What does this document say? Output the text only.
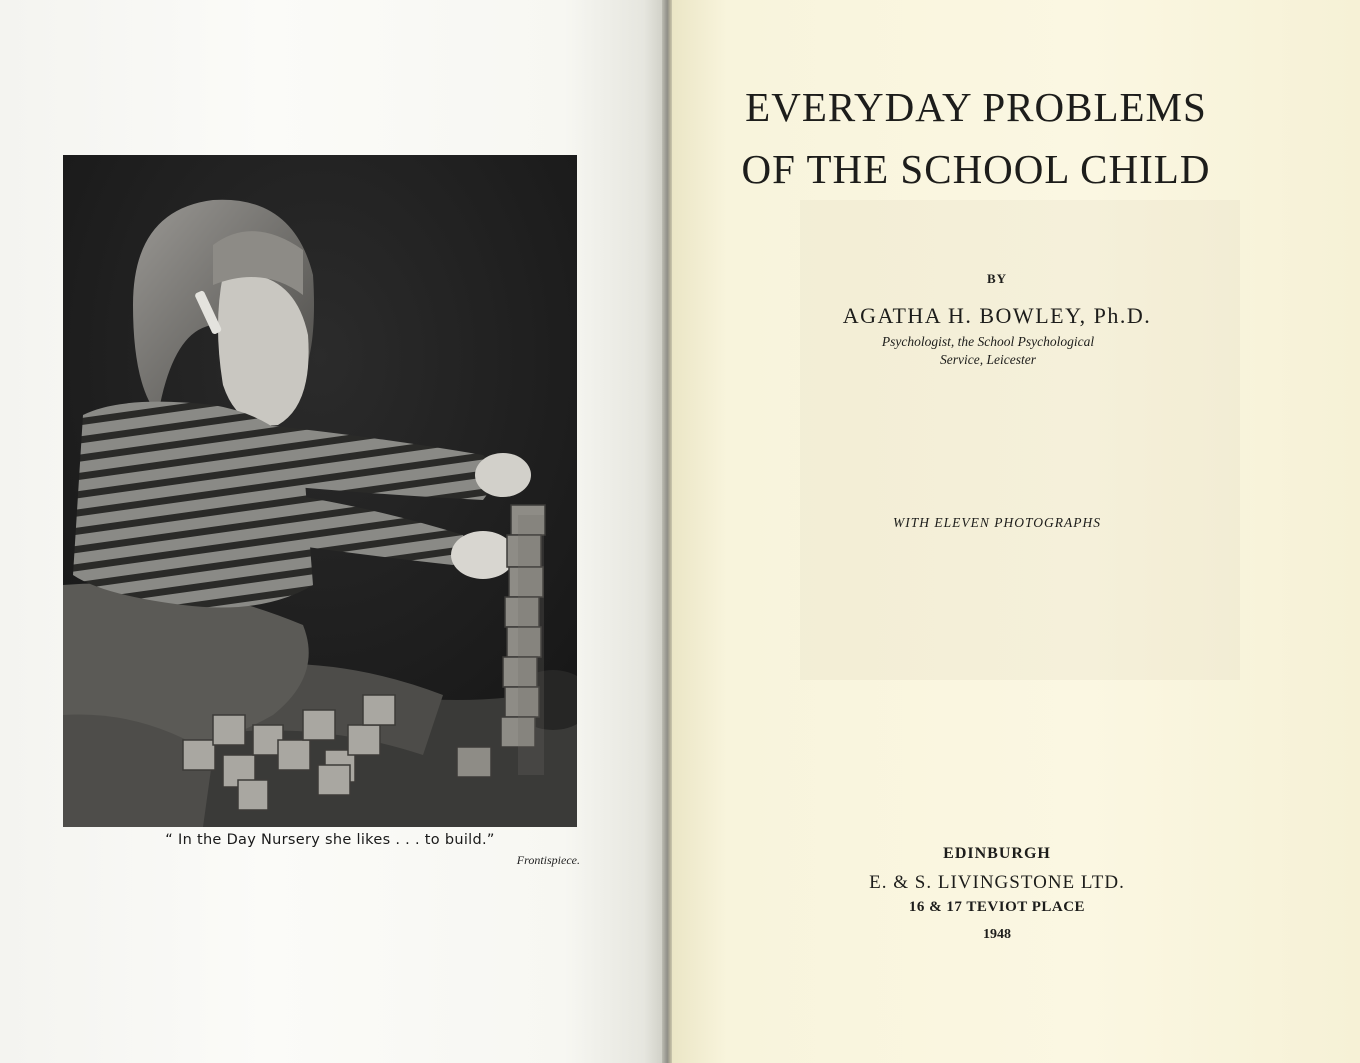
“ In the Day Nursery she likes . . . to build.”
Frontispiece.
EVERYDAY PROBLEMS
OF THE SCHOOL CHILD
BY
AGATHA H. BOWLEY, Ph.D.
Psychologist, the School Psychological
Service, Leicester
WITH ELEVEN PHOTOGRAPHS
EDINBURGH
E. & S. LIVINGSTONE LTD.
16 & 17 TEVIOT PLACE
1948
